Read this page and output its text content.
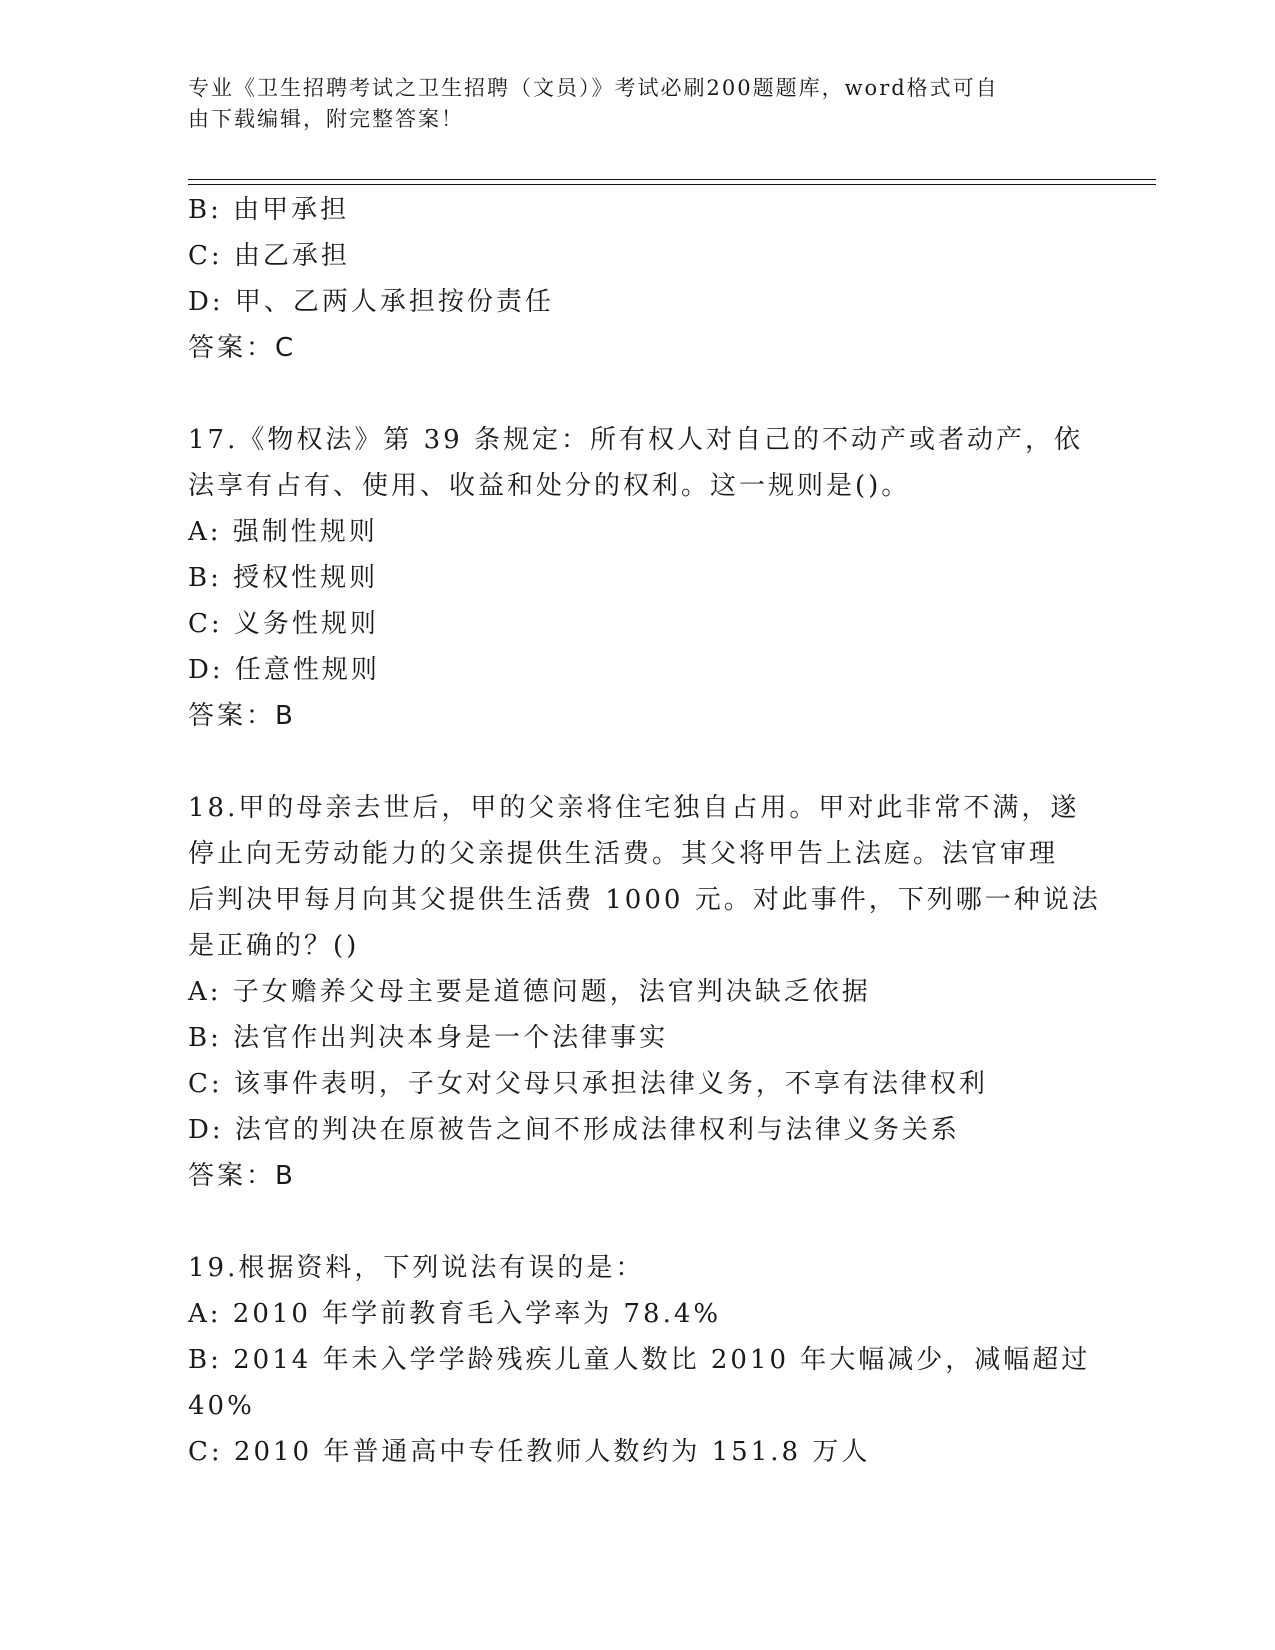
专业《卫生招聘考试之卫生招聘（文员）》考试必刷200题题库，word格式可自
由下载编辑，附完整答案！
B: 由甲承担
C: 由乙承担
D: 甲、乙两人承担按份责任
答案：C
17.《物权法》第 39 条规定：所有权人对自己的不动产或者动产，依
法享有占有、使用、收益和处分的权利。这一规则是()。
A: 强制性规则
B: 授权性规则
C: 义务性规则
D: 任意性规则
答案：B
18.甲的母亲去世后，甲的父亲将住宅独自占用。甲对此非常不满，遂
停止向无劳动能力的父亲提供生活费。其父将甲告上法庭。法官审理
后判决甲每月向其父提供生活费 1000 元。对此事件，下列哪一种说法
是正确的？()
A: 子女赡养父母主要是道德问题，法官判决缺乏依据
B: 法官作出判决本身是一个法律事实
C: 该事件表明，子女对父母只承担法律义务，不享有法律权利
D: 法官的判决在原被告之间不形成法律权利与法律义务关系
答案：B
19.根据资料，下列说法有误的是：
A: 2010 年学前教育毛入学率为 78.4%
B: 2014 年未入学学龄残疾儿童人数比 2010 年大幅减少，减幅超过
40%
C: 2010 年普通高中专任教师人数约为 151.8 万人
